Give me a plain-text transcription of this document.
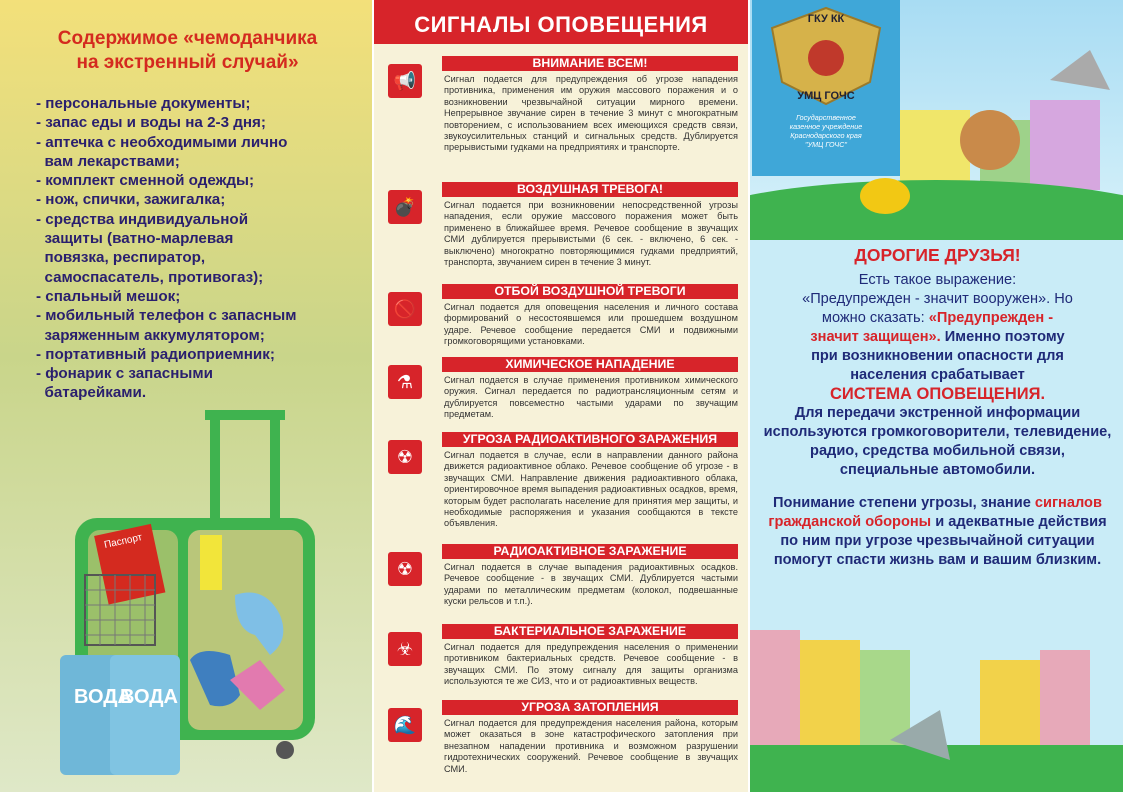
Содержимое «чемоданчика
на экстренный случай»
- персональные документы;
- запас еды и воды на 2-3 дня;
- аптечка с необходимыми лично
вам лекарствами;
- комплект сменной одежды;
- нож, спички, зажигалка;
- средства индивидуальной
защиты (ватно-марлевая
повязка, респиратор,
самоспасатель, противогаз);
- спальный мешок;
- мобильный телефон с запасным
заряженным аккумулятором;
- портативный радиоприемник;
- фонарик с запасными
батарейками.
Паспорт
ВОДА
ВОДА
СИГНАЛЫ ОПОВЕЩЕНИЯ
📢
ВНИМАНИЕ ВСЕМ!
Сигнал подается для предупреждения об угрозе нападения противника, применения им оружия массового поражения и о возникновении чрезвычайной ситуации мирного времени. Непрерывное звучание сирен в течение 3 минут с многократным повторением, с использованием всех имеющихся средств связи, звукоусилительных станций и сигнальных средств. Дублируется прерывистыми гудками на предприятиях и транспорте.
💣
ВОЗДУШНАЯ ТРЕВОГА!
Сигнал подается при возникновении непосредственной угрозы нападения, если оружие массового поражения может быть применено в ближайшее время. Речевое сообщение в звучащих СМИ дублируется прерывистыми (6 сек. - включено, 6 сек. - выключено) многократно повторяющимися гудками предприятий, транспорта, звучанием сирен в течение 3 минут.
🚫
ОТБОЙ ВОЗДУШНОЙ ТРЕВОГИ
Сигнал подается для оповещения населения и личного состава формирований о несостоявшемся или прошедшем воздушном ударе. Речевое сообщение передается СМИ и подвижными громкоговорящими установками.
⚗
ХИМИЧЕСКОЕ НАПАДЕНИЕ
Сигнал подается в случае применения противником химического оружия. Сигнал передается по радиотрансляционным сетям и дублируется повсеместно частыми ударами по звучащим предметам.
☢
УГРОЗА РАДИОАКТИВНОГО ЗАРАЖЕНИЯ
Сигнал подается в случае, если в направлении данного района движется радиоактивное облако. Речевое сообщение об угрозе - в звучащих СМИ. Направление движения радиоактивного облака, ориентировочное время выпадения радиоактивных осадков, время, которым будет располагать население для принятия мер защиты, и необходимые распоряжения и указания сообщаются в тексте объявления.
☢
РАДИОАКТИВНОЕ ЗАРАЖЕНИЕ
Сигнал подается в случае выпадения радиоактивных осадков. Речевое сообщение - в звучащих СМИ. Дублируется частыми ударами по металлическим предметам (колокол, подвешанные куски рельсов и т.п.).
☣
БАКТЕРИАЛЬНОЕ ЗАРАЖЕНИЕ
Сигнал подается для предупреждения населения о применении противником бактериальных средств. Речевое сообщение - в звучащих СМИ. По этому сигналу для защиты организма используются те же СИЗ, что и от радиоактивных веществ.
🌊
УГРОЗА ЗАТОПЛЕНИЯ
Сигнал подается для предупреждения населения района, которым может оказаться в зоне катастрофического затопления при внезапном нападении противника и возможном разрушении гидротехнических сооружений. Речевое сообщение в звучащих СМИ.
ГКУ КК
УМЦ ГОЧС
Государственное
казенное учреждение
Краснодарского края
"УМЦ ГОЧС"
ДОРОГИЕ ДРУЗЬЯ!
Есть такое выражение:
«Предупрежден - значит вооружен». Но
можно сказать: «Предупрежден -
значит защищен». Именно поэтому
при возникновении опасности для
населения срабатывает
СИСТЕМА ОПОВЕЩЕНИЯ.
Для передачи экстренной информации используются громкоговорители, телевидение, радио, средства мобильной связи, специальные автомобили.
Понимание степени угрозы, знание сигналов гражданской обороны и адекватные действия по ним при угрозе чрезвычайной ситуации помогут спасти жизнь вам и вашим близким.
